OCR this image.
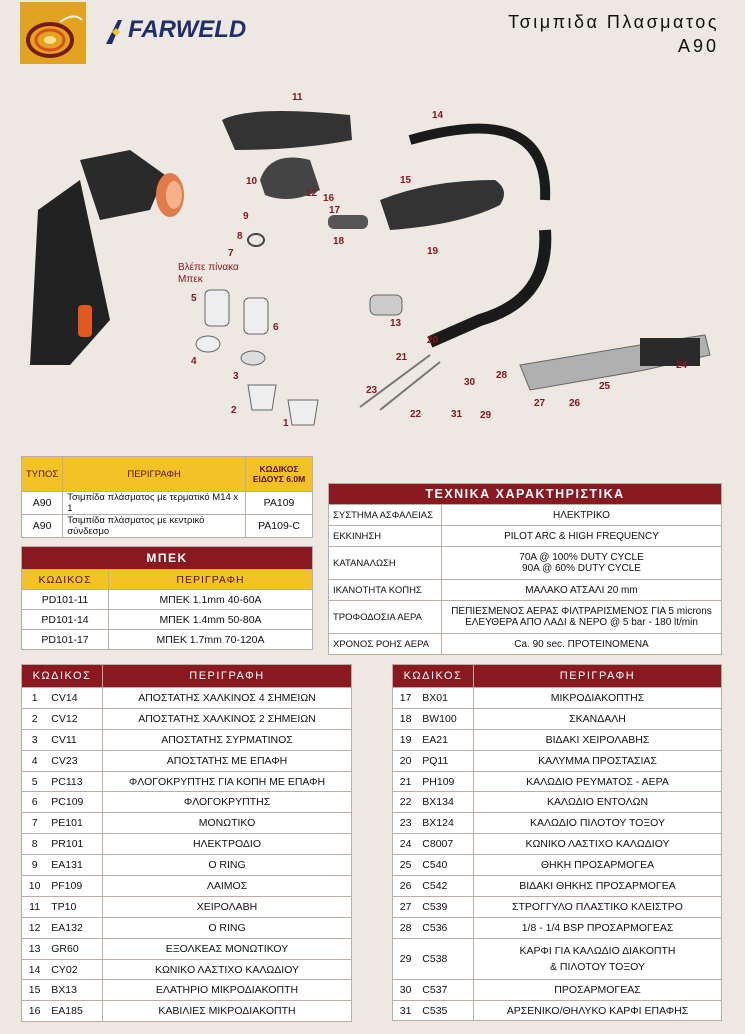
FARWELD	Τσιμπιδα Πλασματος
A90
11
14
10	15
12 16
17
9
18
8
19
7
Βλέπε πίνακα
Μπεκ
5
6	13
20
4	21
24
3	28
30	25
23
27 26
2	22	31 29
1
ΤΥΠΟΣ	ΠΕΡΙΓΡΑΦΗ	ΚΩΔΙΚΟΣ ΕΙΔΟΥΣ 6.0Μ
A90	Τσιμπίδα πλάσματος με τερματικό M14 x 1	PA109
A90	Τσιμπίδα πλάσματος με κεντρικό σύνδεσμο	PA109-C
ΜΠΕΚ	
ΚΩΔΙΚΟΣ	ΠΕΡΙΓΡΑΦΗ
PD101-11	ΜΠΕΚ 1.1mm 40-60A
PD101-14	ΜΠΕΚ 1.4mm 50-80A
PD101-17	ΜΠΕΚ 1.7mm 70-120A
ΤΕΧΝΙΚΑ ΧΑΡΑΚΤΗΡΙΣΤΙΚΑ	
ΣΥΣΤΗΜΑ ΑΣΦΑΛΕΙΑΣ	ΗΛΕΚΤΡΙΚΟ
ΕΚΚΙΝΗΣΗ	PILOT ARC & HIGH FREQUENCY
ΚΑΤΑΝΑΛΩΣΗ	70A @ 100% DUTY CYCLE
90A @ 60% DUTY CYCLE

ΙΚΑΝΟΤΗΤΑ ΚΟΠΗΣ	ΜΑΛΑΚΟ ΑΤΣΑΛΙ 20 mm
ΤΡΟΦΟΔΟΣΙΑ ΑΕΡΑ	ΠΕΠΙΕΣΜΕΝΟΣ ΑΕΡΑΣ ΦΙΛΤΡΑΡΙΣΜΕΝΟΣ ΓΙΑ 5 microns
ΕΛΕΥΘΕΡΑ ΑΠΟ ΛΑΔΙ & ΝΕΡΟ @ 5 bar - 180 lt/min

ΧΡΟΝΟΣ ΡΟΗΣ ΑΕΡΑ	Ca. 90 sec. ΠΡΟΤΕΙΝΟΜΕΝΑ
ΚΩΔΙΚΟΣ		ΠΕΡΙΓΡΑΦΗ
1	CV14	ΑΠΟΣΤΑΤΗΣ ΧΑΛΚΙΝΟΣ 4 ΣΗΜΕΙΩΝ
2	CV12	ΑΠΟΣΤΑΤΗΣ ΧΑΛΚΙΝΟΣ 2 ΣΗΜΕΙΩΝ
3	CV11	ΑΠΟΣΤΑΤΗΣ ΣΥΡΜΑΤΙΝΟΣ
4	CV23	ΑΠΟΣΤΑΤΗΣ ΜΕ ΕΠΑΦΗ
5	PC113	ΦΛΟΓΟΚΡΥΠΤΗΣ ΓΙΑ ΚΟΠΗ ΜΕ ΕΠΑΦΗ
6	PC109	ΦΛΟΓΟΚΡΥΠΤΗΣ
7	PE101	ΜΟΝΩΤΙΚΟ
8	PR101	ΗΛΕΚΤΡΟΔΙΟ
9	EA131	O RING
10	PF109	ΛΑΙΜΟΣ
11	TP10	ΧΕΙΡΟΛΑΒΗ
12	EA132	O RING
13	GR60	ΕΞΟΛΚΕΑΣ ΜΟΝΩΤΙΚΟΥ
14	CY02	ΚΩΝΙΚΟ ΛΑΣΤΙΧΟ ΚΑΛΩΔΙΟΥ
15	BX13	ΕΛΑΤΗΡΙΟ ΜΙΚΡΟΔΙΑΚΟΠΤΗ
16	EA185	ΚΑΒΙΛΙΕΣ ΜΙΚΡΟΔΙΑΚΟΠΤΗ
ΚΩΔΙΚΟΣ		ΠΕΡΙΓΡΑΦΗ
17	BX01	ΜΙΚΡΟΔΙΑΚΟΠΤΗΣ
18	BW100	ΣΚΑΝΔΑΛΗ
19	EA21	ΒΙΔΑΚΙ ΧΕΙΡΟΛΑΒΗΣ
20	PQ11	ΚΑΛΥΜΜΑ ΠΡΟΣΤΑΣΙΑΣ
21	PH109	ΚΑΛΩΔΙΟ ΡΕΥΜΑΤΟΣ - ΑΕΡΑ
22	BX134	ΚΑΛΩΔΙΟ ΕΝΤΟΛΩΝ
23	BX124	ΚΑΛΩΔΙΟ ΠΙΛΟΤΟΥ ΤΟΞΟΥ
24	C8007	ΚΩΝΙΚΟ ΛΑΣΤΙΧΟ ΚΑΛΩΔΙΟΥ
25	C540	ΘΗΚΗ ΠΡΟΣΑΡΜΟΓΕΑ
26	C542	ΒΙΔΑΚΙ ΘΗΚΗΣ ΠΡΟΣΑΡΜΟΓΕΑ
27	C539	ΣΤΡΟΓΓΥΛΟ ΠΛΑΣΤΙΚΟ ΚΛΕΙΣΤΡΟ
28	C536	1/8 - 1/4 BSP ΠΡΟΣΑΡΜΟΓΕΑΣ
29	C538	ΚΑΡΦΙ ΓΙΑ ΚΑΛΩΔΙΟ ΔΙΑΚΟΠΤΗ
& ΠΙΛΟΤΟΥ ΤΟΞΟΥ

30	C537	ΠΡΟΣΑΡΜΟΓΕΑΣ
31	C535	ΑΡΣΕΝΙΚΟ/ΘΗΛΥΚΟ ΚΑΡΦΙ ΕΠΑΦΗΣ
